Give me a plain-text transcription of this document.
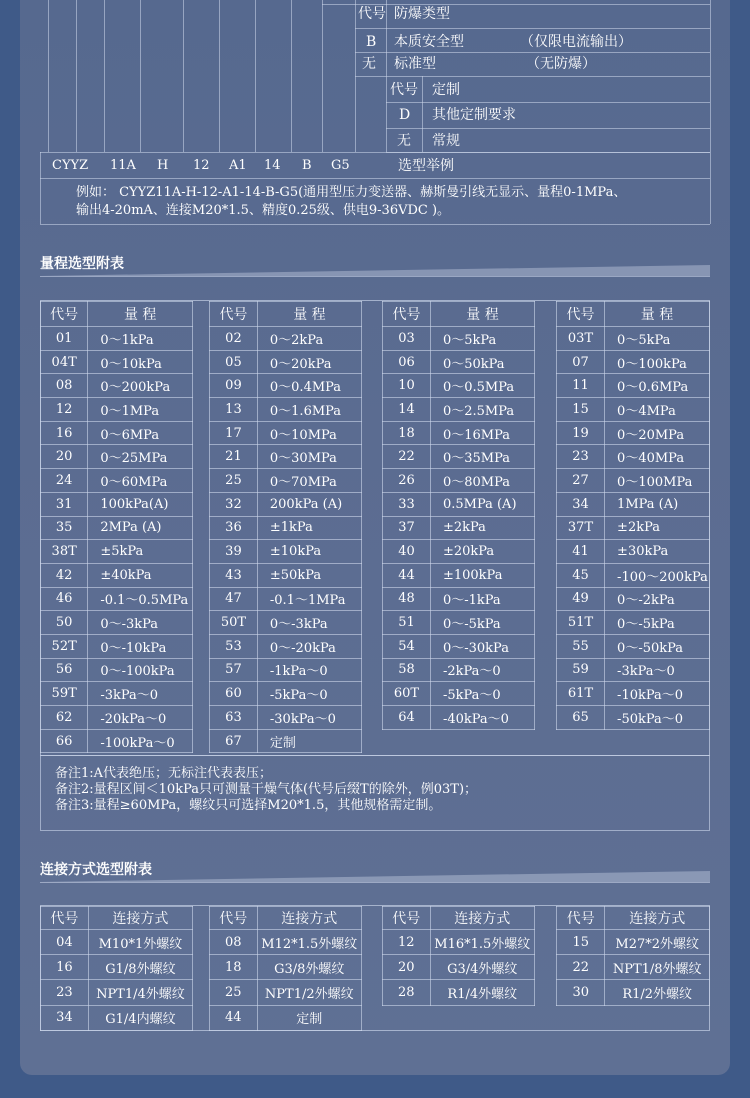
代号 防爆类型
B 本质安全型	（仅限电流输出）
无 标准型	（无防爆）
代号 定制
D 其他定制要求
无 常规
CYYZ 11A H 12 A1 14 B G5	选型举例
例如： CYYZ11A-H-12-A1-14-B-G5(通用型压力变送器、赫斯曼引线无显示、量程0-1MPa、
输出4-20mA、连接M20*1.5、精度0.25级、供电9-36VDC )。
量程选型附表
代号	量 程
01	0～1kPa
04T	0～10kPa
08	0～200kPa
12	0～1MPa
16	0～6MPa
20	0～25MPa
24	0～60MPa
31	100kPa(A)
35	2MPa (A)
38T	±5kPa
42	±40kPa
46	-0.1～0.5MPa
50	0～-3kPa
52T	0～-10kPa
56	0～-100kPa
59T	-3kPa～0
62	-20kPa～0
66	-100kPa～0
代号	量 程
02	0～2kPa
05	0～20kPa
09	0～0.4MPa
13	0～1.6MPa
17	0～10MPa
21	0～30MPa
25	0～70MPa
32	200kPa (A)
36	±1kPa
39	±10kPa
43	±50kPa
47	-0.1～1MPa
50T	0～-3kPa
53	0～-20kPa
57	-1kPa～0
60	-5kPa～0
63	-30kPa～0
67	定制
代号	量 程
03	0～5kPa
06	0～50kPa
10	0～0.5MPa
14	0～2.5MPa
18	0～16MPa
22	0～35MPa
26	0～80MPa
33	0.5MPa (A)
37	±2kPa
40	±20kPa
44	±100kPa
48	0～-1kPa
51	0～-5kPa
54	0～-30kPa
58	-2kPa～0
60T	-5kPa～0
64	-40kPa～0
代号	量 程
03T	0～5kPa
07	0～100kPa
11	0～0.6MPa
15	0～4MPa
19	0～20MPa
23	0～40MPa
27	0～100MPa
34	1MPa (A)
37T	±2kPa
41	±30kPa
45	-100～200kPa
49	0～-2kPa
51T	0～-5kPa
55	0～-50kPa
59	-3kPa～0
61T	-10kPa～0
65	-50kPa～0
备注1:A代表绝压；无标注代表表压；
备注2:量程区间＜10kPa只可测量干燥气体(代号后缀T的除外，例03T)；
备注3:量程≥60MPa，螺纹只可选择M20*1.5，其他规格需定制。
连接方式选型附表
代号	连接方式
04	M10*1外螺纹
16	G1/8外螺纹
23	NPT1/4外螺纹
34	G1/4内螺纹
代号	连接方式
08	M12*1.5外螺纹
18	G3/8外螺纹
25	NPT1/2外螺纹
44	定制
代号	连接方式
12	M16*1.5外螺纹
20	G3/4外螺纹
28	R1/4外螺纹
代号	连接方式
15	M27*2外螺纹
22	NPT1/8外螺纹
30	R1/2外螺纹
